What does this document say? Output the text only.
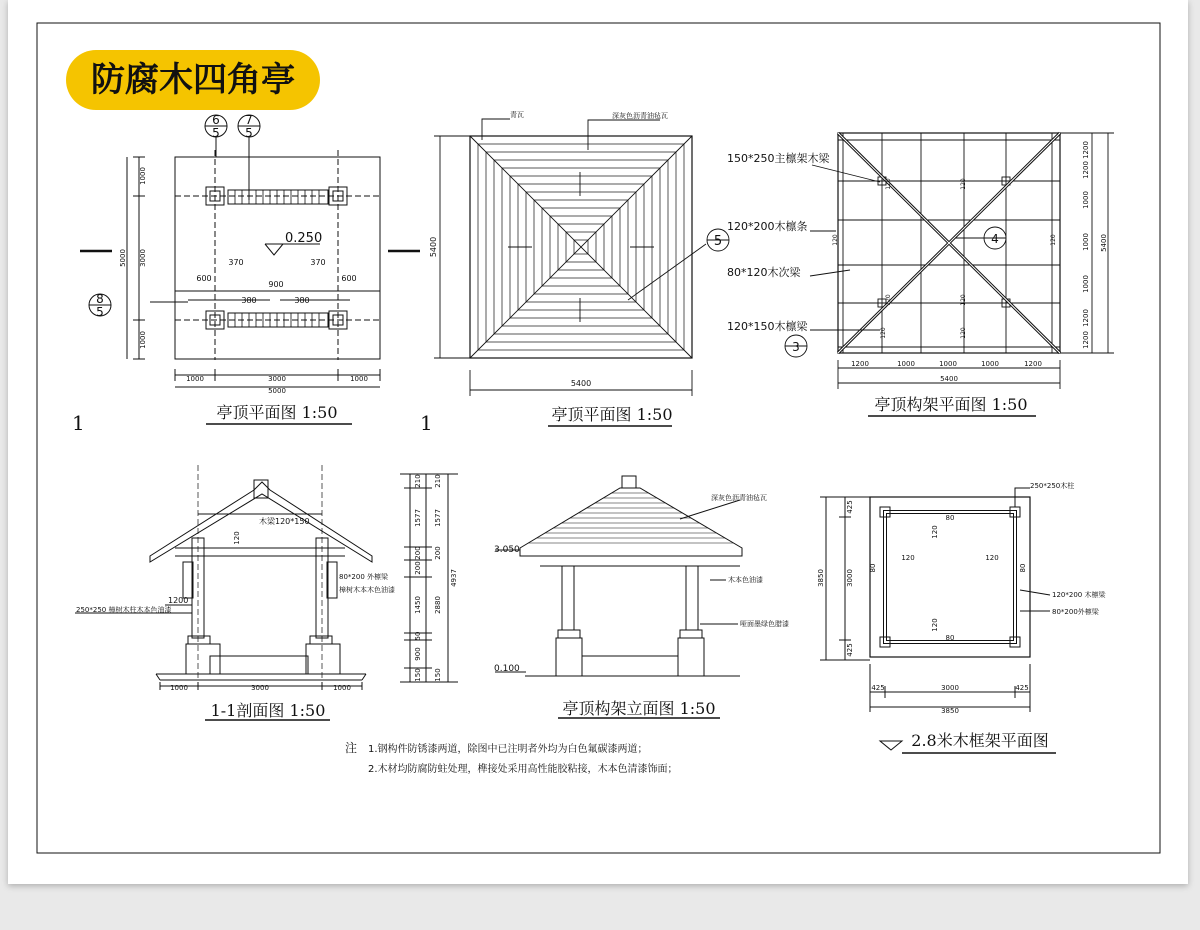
6
5
7
5
8
5
0.250
370	370
600
900
600
380	380
1000
3000
1000
5000
1000	3000	1000
5000
亭顶平面图 1:50
1
青瓦	深灰色沥青油毡瓦
5400
5400
5
亭顶平面图 1:50
1
150*250主檩架木梁
120*200木檩条
80*120木次梁
120*150木檩梁
3
4
1200
1200
1000
1000
1000
1200
1200
5400
1200	1000	1000	1000	1200
5400
120	120
120	120
120	120
120	120
亭顶构架平面图 1:50
木梁120*150
80*200 外檩梁
樟树木本木色油漆
250*250 樟树木柱木本色油漆
1200
120
1000	3000	1000
1-1剖面图 1:50
3.050
0.100
深灰色沥青油毡瓦
木本色油漆
哑面墨绿色腊漆
210
1577
200
200
1450
50
900
150
210
1577
200
2880
150
4937
亭顶构架立面图 1:50
250*250木柱
120*200 木檩梁
80*200外檩梁
425
3000
425
425	3000	425
120	120
120
120
80	80
80
80
3850
3850
2.8米木框架平面图
注 1.钢构件防锈漆两道，除图中已注明者外均为白色氟碳漆两道；
2.木材均防腐防蛀处理，榫接处采用高性能胶粘接，木本色清漆饰面；
防腐木四角亭
